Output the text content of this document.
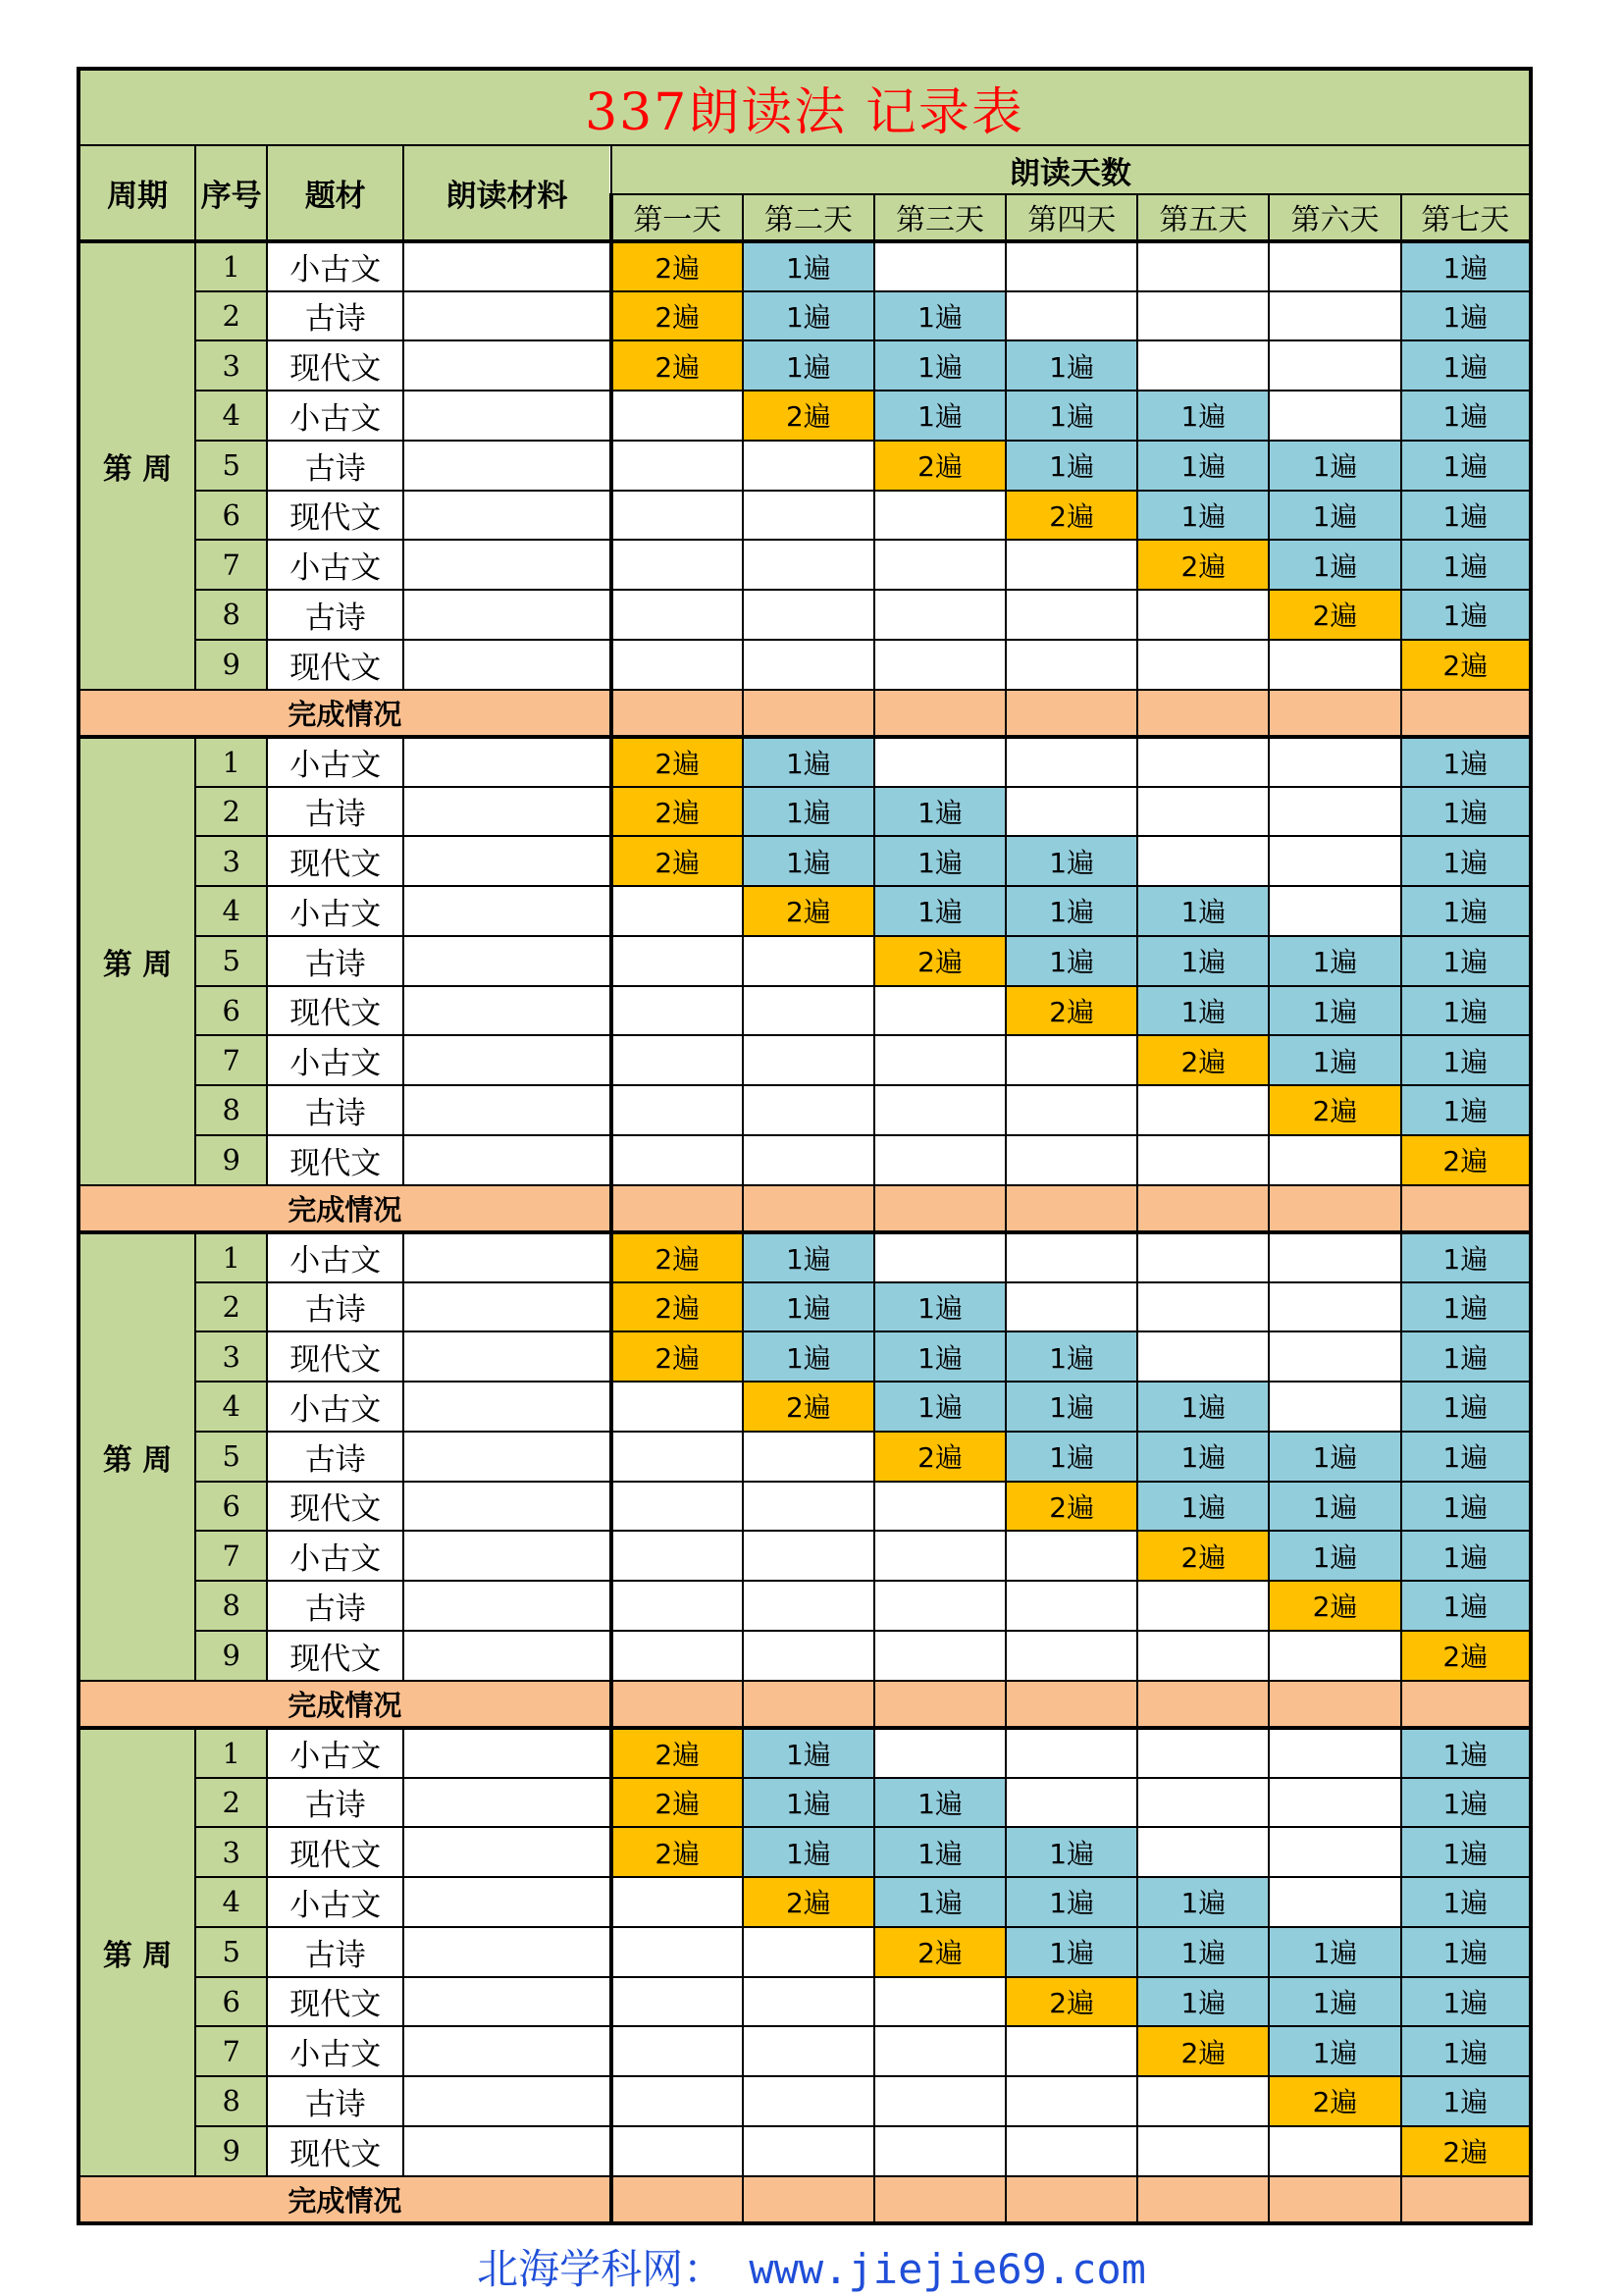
337朗读法 记录表										
周期	序号	题材	朗读材料	朗读天数						
				第一天	第二天	第三天	第四天	第五天	第六天	第七天
第 周	1	小古文		2遍	1遍					1遍
	2	古诗		2遍	1遍	1遍				1遍
	3	现代文		2遍	1遍	1遍	1遍			1遍
	4	小古文			2遍	1遍	1遍	1遍		1遍
	5	古诗				2遍	1遍	1遍	1遍	1遍
	6	现代文					2遍	1遍	1遍	1遍
	7	小古文						2遍	1遍	1遍
	8	古诗							2遍	1遍
	9	现代文								2遍
完成情况										
第 周	1	小古文		2遍	1遍					1遍
	2	古诗		2遍	1遍	1遍				1遍
	3	现代文		2遍	1遍	1遍	1遍			1遍
	4	小古文			2遍	1遍	1遍	1遍		1遍
	5	古诗				2遍	1遍	1遍	1遍	1遍
	6	现代文					2遍	1遍	1遍	1遍
	7	小古文						2遍	1遍	1遍
	8	古诗							2遍	1遍
	9	现代文								2遍
完成情况										
第 周	1	小古文		2遍	1遍					1遍
	2	古诗		2遍	1遍	1遍				1遍
	3	现代文		2遍	1遍	1遍	1遍			1遍
	4	小古文			2遍	1遍	1遍	1遍		1遍
	5	古诗				2遍	1遍	1遍	1遍	1遍
	6	现代文					2遍	1遍	1遍	1遍
	7	小古文						2遍	1遍	1遍
	8	古诗							2遍	1遍
	9	现代文								2遍
完成情况										
第 周	1	小古文		2遍	1遍					1遍
	2	古诗		2遍	1遍	1遍				1遍
	3	现代文		2遍	1遍	1遍	1遍			1遍
	4	小古文			2遍	1遍	1遍	1遍		1遍
	5	古诗				2遍	1遍	1遍	1遍	1遍
	6	现代文					2遍	1遍	1遍	1遍
	7	小古文						2遍	1遍	1遍
	8	古诗							2遍	1遍
	9	现代文								2遍
完成情况										
北海学科网： www.jiejie69.com
